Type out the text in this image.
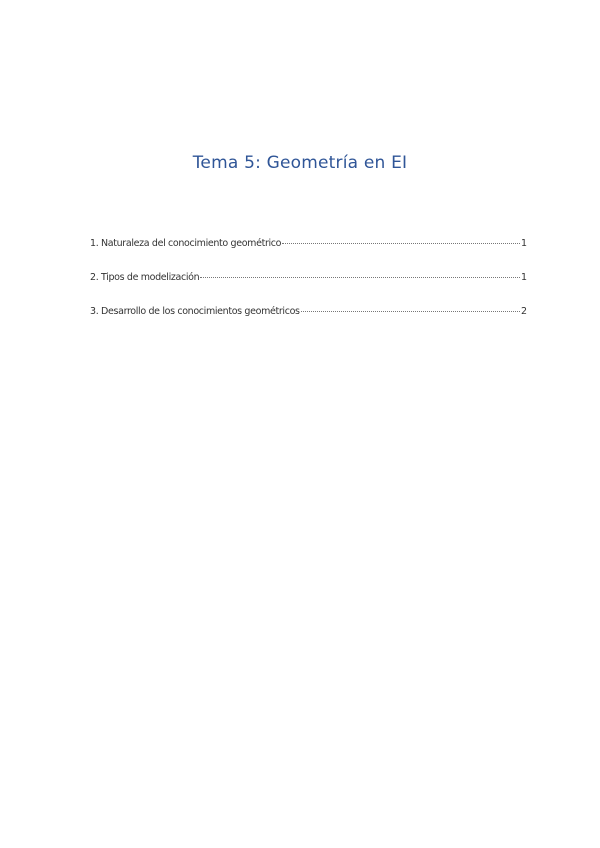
Tema 5: Geometría en EI
1. Naturaleza del conocimiento geométrico	1
2. Tipos de modelización	1
3. Desarrollo de los conocimientos geométricos	2
